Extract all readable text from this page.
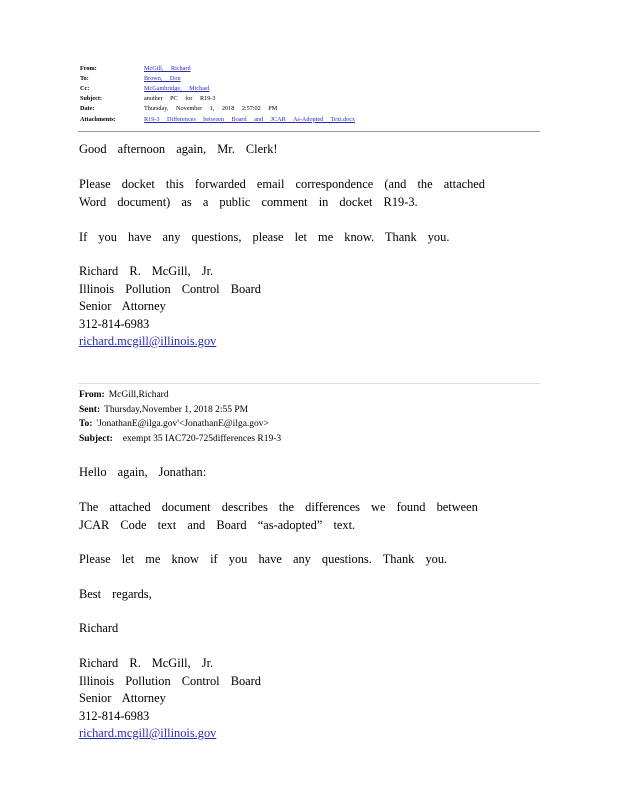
From:	McGill, Richard
To:	Brown, Don
Cc:	McGambridge, Michael
Subject:	another PC for R19-3
Date:	Thursday, November 1, 2018 2:57:02 PM
Attachments:	R19-3 Differences between Board and JCAR As-Adopted Text.docx

Good afternoon again, Mr. Clerk!

Please docket this forwarded email correspondence (and the attached
Word document) as a public comment in docket R19-3.

If you have any questions, please let me know. Thank you.

Richard R. McGill, Jr.
Illinois Pollution Control Board
Senior Attorney
312-814-6983
richard.mcgill@illinois.gov

From: McGill,Richard
Sent: Thursday,November 1, 2018 2:55 PM
To: 'JonathanE@ilga.gov'<JonathanE@ilga.gov>
Subject: exempt 35 IAC720-725differences R19-3

Hello again, Jonathan:

The attached document describes the differences we found between
JCAR Code text and Board “as-adopted” text.

Please let me know if you have any questions. Thank you.

Best regards,

Richard

Richard R. McGill, Jr.
Illinois Pollution Control Board
Senior Attorney
312-814-6983
richard.mcgill@illinois.gov
